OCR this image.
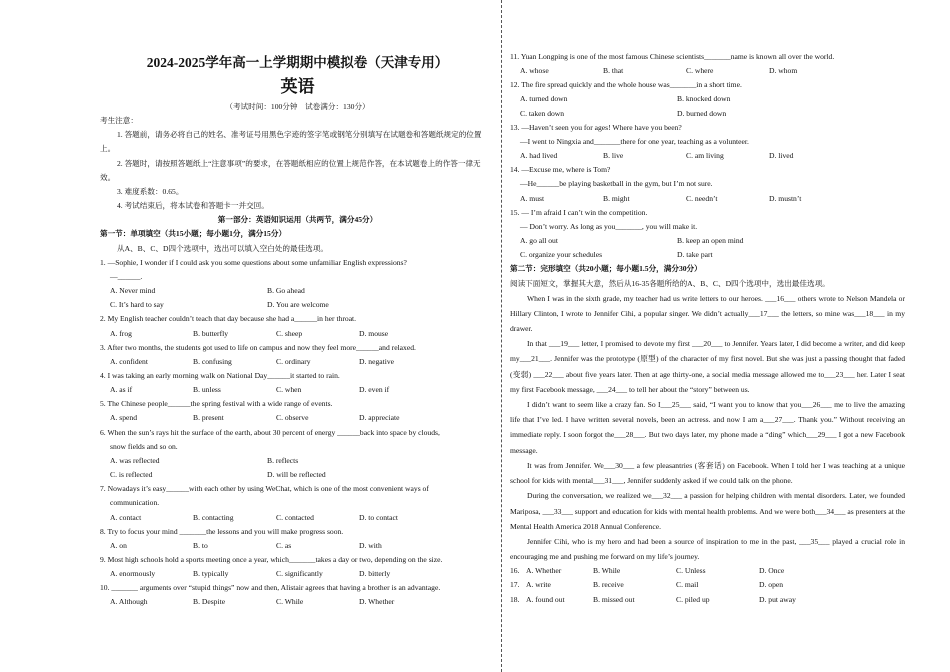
2024-2025学年高一上学期期中模拟卷（天津专用）
英语
（考试时间：100分钟　试卷满分：130分）
考生注意：
1. 答题前，请务必将自己的姓名、准考证号用黑色字迹的签字笔或钢笔分别填写在试题卷和答题纸规定的位置上。
2. 答题时，请按照答题纸上“注意事项”的要求，在答题纸相应的位置上规范作答，在本试题卷上的作答一律无效。
3. 难度系数：0.65。
4. 考试结束后，将本试卷和答题卡一并交回。
第一部分：英语知识运用（共两节，满分45分）
第一节：单项填空（共15小题；每小题1分，满分15分）
从A、B、C、D四个选项中，选出可以填入空白处的最佳选项。
1. —Sophie, I wonder if I could ask you some questions about some unfamiliar English expressions?
—______.
A. Never mind	B. Go ahead
C. It’s hard to say	D. You are welcome
2. My English teacher couldn’t teach that day because she had a______in her throat.
A. frog	B. butterfly	C. sheep	D. mouse
3. After two months, the students got used to life on campus and now they feel more______and relaxed.
A. confident	B. confusing	C. ordinary	D. negative
4. I was taking an early morning walk on National Day______it started to rain.
A. as if	B. unless	C. when	D. even if
5. The Chinese people______the spring festival with a wide range of events.
A. spend	B. present	C. observe	D. appreciate
6. When the sun’s rays hit the surface of the earth, about 30 percent of energy ______back into space by clouds,
snow fields and so on.
A. was reflected	B. reflects
C. is reflected	D. will be reflected
7. Nowadays it’s easy______with each other by using WeChat, which is one of the most convenient ways of
communication.
A. contact	B. contacting	C. contacted	D. to contact
8. Try to focus your mind _______the lessons and you will make progress soon.
A. on	B. to	C. as	D. with
9. Most high schools hold a sports meeting once a year, which_______takes a day or two, depending on the size.
A. enormously	B. typically	C. significantly	D. bitterly
10. _______ arguments over “stupid things” now and then, Alistair agrees that having a brother is an advantage.
A. Although	B. Despite	C. While	D. Whether
11. Yuan Longping is one of the most famous Chinese scientists_______name is known all over the world.
A. whose	B. that	C. where	D. whom
12. The fire spread quickly and the whole house was_______in a short time.
A. turned down	B. knocked down
C. taken down	D. burned down
13. —Haven’t seen you for ages! Where have you been?
—I went to Ningxia and_______there for one year, teaching as a volunteer.
A. had lived	B. live	C. am living	D. lived
14. —Excuse me, where is Tom?
—He______be playing basketball in the gym, but I’m not sure.
A. must	B. might	C. needn’t	D. mustn’t
15. — I’m afraid I can’t win the competition.
— Don’t worry. As long as you_______, you will make it.
A. go all out	B. keep an open mind
C. organize your schedules	D. take part
第二节：完形填空（共20小题；每小题1.5分，满分30分）
阅读下面短文，掌握其大意，然后从16-35各题所给的A、B、C、D四个选项中，选出最佳选项。
When I was in the sixth grade, my teacher had us write letters to our heroes. ___16___ others wrote to Nelson Mandela or Hillary Clinton, I wrote to Jennifer Cihi, a popular singer. We didn’t actually___17___ the letters, so mine was___18___ in my drawer.
In that ___19___ letter, I promised to devote my first ___20___ to Jennifer. Years later, I did become a writer, and did keep my___21___. Jennifer was the prototype (原型) of the character of my first novel. But she was just a passing thought that faded (变弱) ___22___ about five years later. Then at age thirty-one, a social media message allowed me to___23___ her. Later I seat my first Facebook message, ___24___ to tell her about the “story” between us.
I didn’t want to seem like a crazy fan. So I___25___ said, “I want you to know that you___26___ me to live the amazing life that I’ve led. I have written several novels, been an actress. and now I am a___27___. Thank you.” Without receiving an immediate reply. I soon forgot the___28___. But two days later, my phone made a “ding” which___29___ I got a new Facebook message.
It was from Jennifer. We___30___ a few pleasantries (客套话) on Facebook. When I told her I was teaching at a unique school for kids with mental___31___, Jennifer suddenly asked if we could talk on the phone.
During the conversation, we realized we___32___ a passion for helping children with mental disorders. Later, we founded Mariposa, ___33___ support and education for kids with mental health problems. And we were both___34___ as presenters at the Mental Health America 2018 Annual Conference.
Jennifer Cihi, who is my hero and had been a source of inspiration to me in the past, ___35___ played a crucial role in encouraging me and pushing me forward on my life’s journey.
16. A. Whether	B. While	C. Unless	D. Once
17. A. write	B. receive	C. mail	D. open
18. A. found out	B. missed out	C. piled up	D. put away
